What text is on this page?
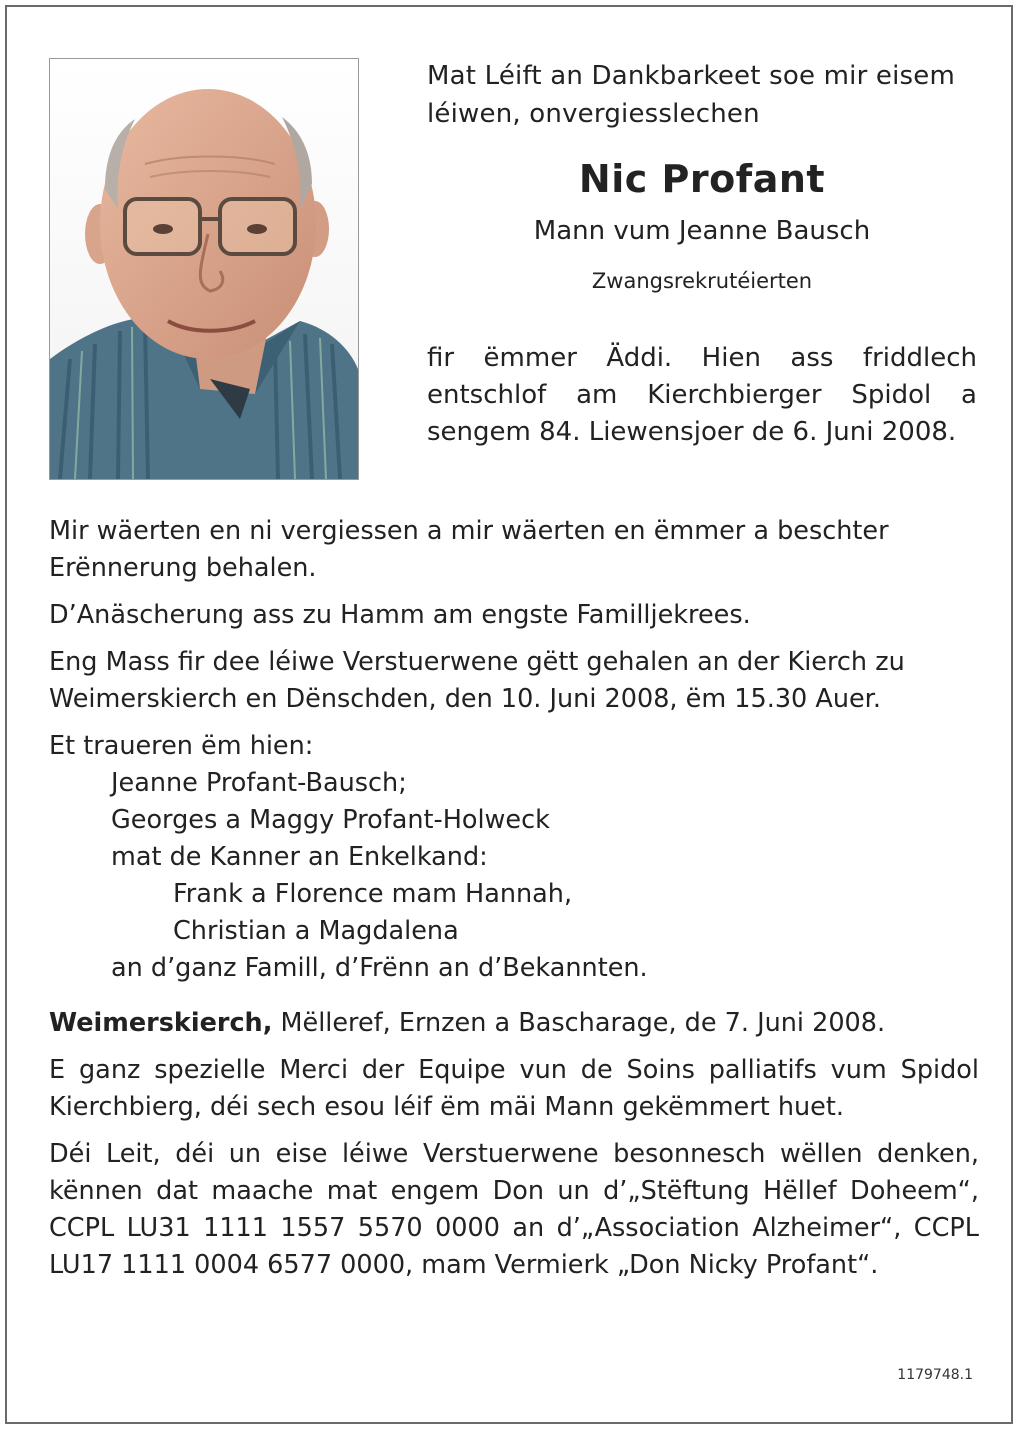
Mat Léift an Dankbarkeet soe mir eisem léiwen, onvergiesslechen
Nic Profant
Mann vum Jeanne Bausch
Zwangsrekrutéierten
fir ëmmer Äddi. Hien ass friddlech entschlof am Kierchbierger Spidol a sengem 84. Liewensjoer de 6. Juni 2008.

Mir wäerten en ni vergiessen a mir wäerten en ëmmer a beschter Erënnerung behalen.

D’Anäscherung ass zu Hamm am engste Familljekrees.

Eng Mass fir dee léiwe Verstuerwene gëtt gehalen an der Kierch zu Weimerskierch en Dënschden, den 10. Juni 2008, ëm 15.30 Auer.

Et traueren ëm hien:

Jeanne Profant-Bausch;

Georges a Maggy Profant-Holweck

mat de Kanner an Enkelkand:

Frank a Florence mam Hannah,

Christian a Magdalena

an d’ganz Famill, d’Frënn an d’Bekannten.

Weimerskierch, Mëlleref, Ernzen a Bascharage, de 7. Juni 2008.

E ganz spezielle Merci der Equipe vun de Soins palliatifs vum Spidol Kierchbierg, déi sech esou léif ëm mäi Mann gekëmmert huet.

Déi Leit, déi un eise léiwe Verstuerwene besonnesch wëllen denken, kënnen dat maache mat engem Don un d’„Stëftung Hëllef Doheem“, CCPL LU31 1111 1557 5570 0000 an d’„Association Alzheimer“, CCPL LU17 1111 0004 6577 0000, mam Vermierk „Don Nicky Profant“.

1179748.1
